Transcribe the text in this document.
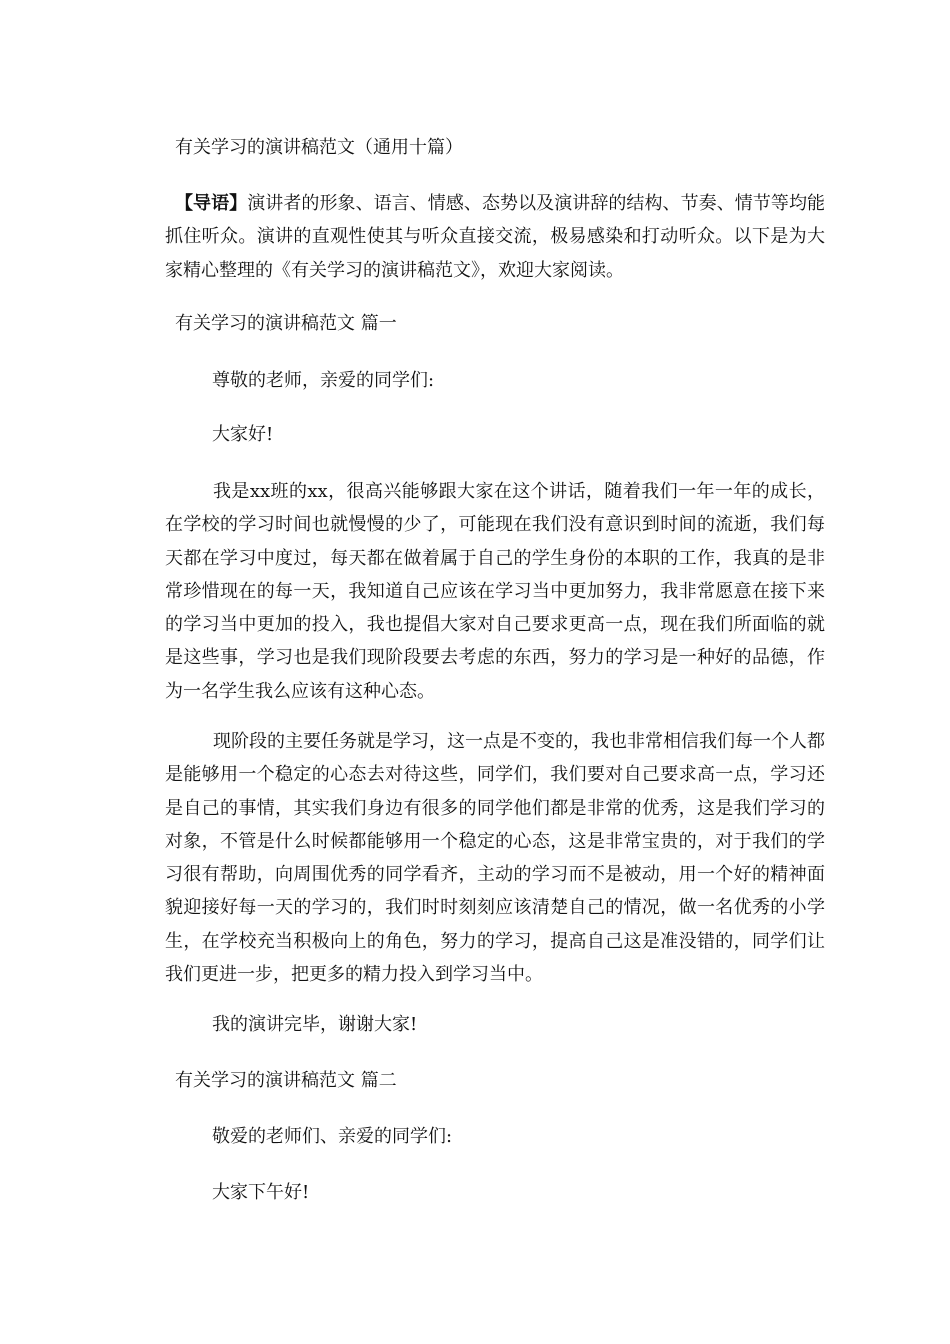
有关学习的演讲稿范文（通用十篇）
【导语】演讲者的形象、语言、情感、态势以及演讲辞的结构、节奏、情节等均能抓住听众。演讲的直观性使其与听众直接交流，极易感染和打动听众。以下是为大家精心整理的《有关学习的演讲稿范文》，欢迎大家阅读。
有关学习的演讲稿范文 篇一
尊敬的老师，亲爱的同学们:
大家好!
我是xx班的xx，很高兴能够跟大家在这个讲话，随着我们一年一年的成长，在学校的学习时间也就慢慢的少了，可能现在我们没有意识到时间的流逝，我们每天都在学习中度过，每天都在做着属于自己的学生身份的本职的工作，我真的是非常珍惜现在的每一天，我知道自己应该在学习当中更加努力，我非常愿意在接下来的学习当中更加的投入，我也提倡大家对自己要求更高一点，现在我们所面临的就是这些事，学习也是我们现阶段要去考虑的东西，努力的学习是一种好的品德，作为一名学生我么应该有这种心态。
现阶段的主要任务就是学习，这一点是不变的，我也非常相信我们每一个人都是能够用一个稳定的心态去对待这些，同学们，我们要对自己要求高一点，学习还是自己的事情，其实我们身边有很多的同学他们都是非常的优秀，这是我们学习的对象，不管是什么时候都能够用一个稳定的心态，这是非常宝贵的，对于我们的学习很有帮助，向周围优秀的同学看齐，主动的学习而不是被动，用一个好的精神面貌迎接好每一天的学习的，我们时时刻刻应该清楚自己的情况，做一名优秀的小学生，在学校充当积极向上的角色，努力的学习，提高自己这是准没错的，同学们让我们更进一步，把更多的精力投入到学习当中。
我的演讲完毕，谢谢大家!
有关学习的演讲稿范文 篇二
敬爱的老师们、亲爱的同学们:
大家下午好!
